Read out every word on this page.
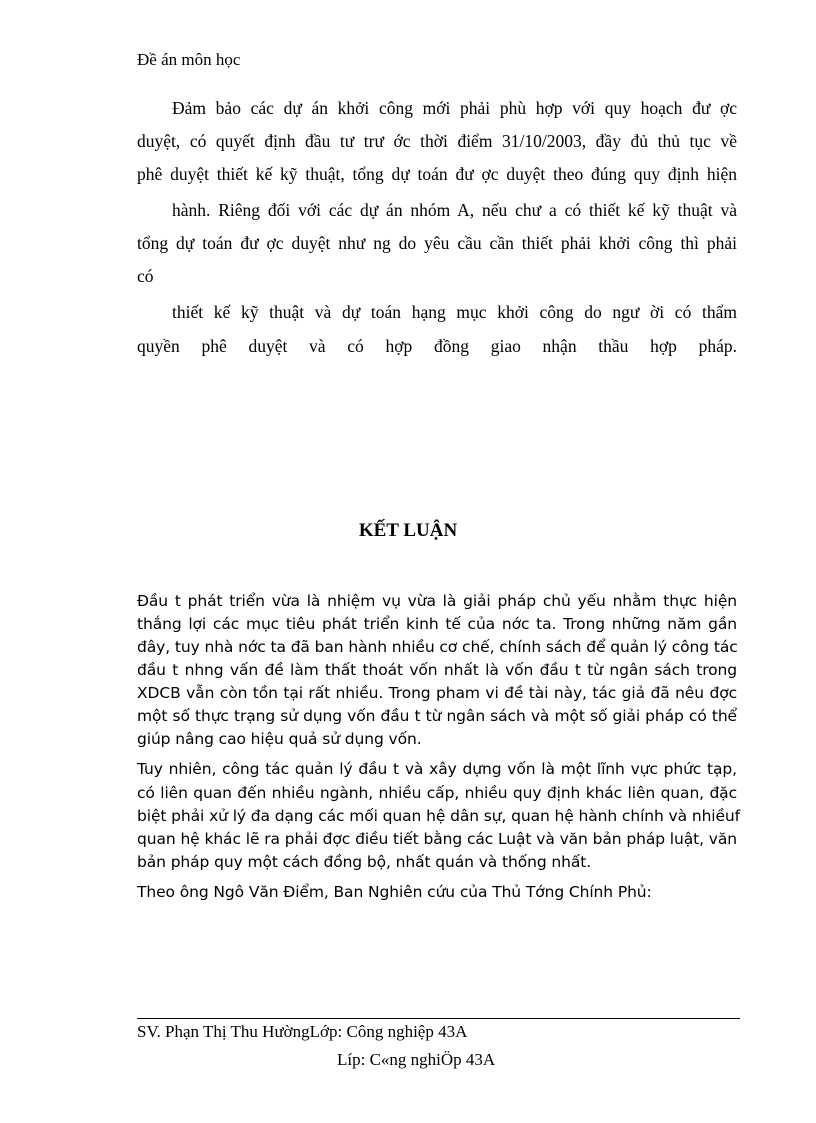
Đề án môn học
Đảm bảo các dự án khởi công mới phải phù hợp với quy hoạch đư ợc
duyệt, có quyết định đầu tư trư ớc thời điểm 31/10/2003, đầy đủ thủ tục về
phê duyệt thiết kế kỹ thuật, tổng dự toán đư ợc duyệt theo đúng quy định hiện
hành. Riêng đối với các dự án nhóm A, nếu chư a có thiết kế kỹ thuật và
tổng dự toán đư ợc duyệt như ng do yêu cầu cần thiết phải khởi công thì phải
có
thiết kế kỹ thuật và dự toán hạng mục khởi công do ngư ời có thẩm
quyền phê duyệt và có hợp đồng giao nhận thầu hợp pháp.
KẾT LUẬN
Đầu t phát triển vừa là nhiệm vụ vừa là giải pháp chủ yếu nhằm thực hiện
thắng lợi các mục tiêu phát triển kinh tế của nớc ta. Trong những năm gần
đây, tuy nhà nớc ta đã ban hành nhiều cơ chế, chính sách để quản lý công tác
đầu t nhng vấn đề làm thất thoát vốn nhất là vốn đầu t từ ngân sách trong
XDCB vẫn còn tồn tại rất nhiều. Trong pham vi đề tài này, tác giả đã nêu đợc
một số thực trạng sử dụng vốn đầu t từ ngân sách và một số giải pháp có thể
giúp nâng cao hiệu quả sử dụng vốn.
Tuy nhiên, công tác quản lý đầu t và xây dựng vốn là một lĩnh vực phức tạp,
có liên quan đến nhiều ngành, nhiều cấp, nhiều quy định khác liên quan, đặc
biệt phải xử lý đa dạng các mối quan hệ dân sự, quan hệ hành chính và nhiềuf
quan hệ khác lẽ ra phải đợc điều tiết bằng các Luật và văn bản pháp luật, văn
bản pháp quy một cách đồng bộ, nhất quán và thống nhất.
Theo ông Ngô Văn Điểm, Ban Nghiên cứu của Thủ Tớng Chính Phủ:
SV. Phạn Thị Thu HườngLớp: Công nghiệp 43A
Líp: C«ng nghiÖp 43A
